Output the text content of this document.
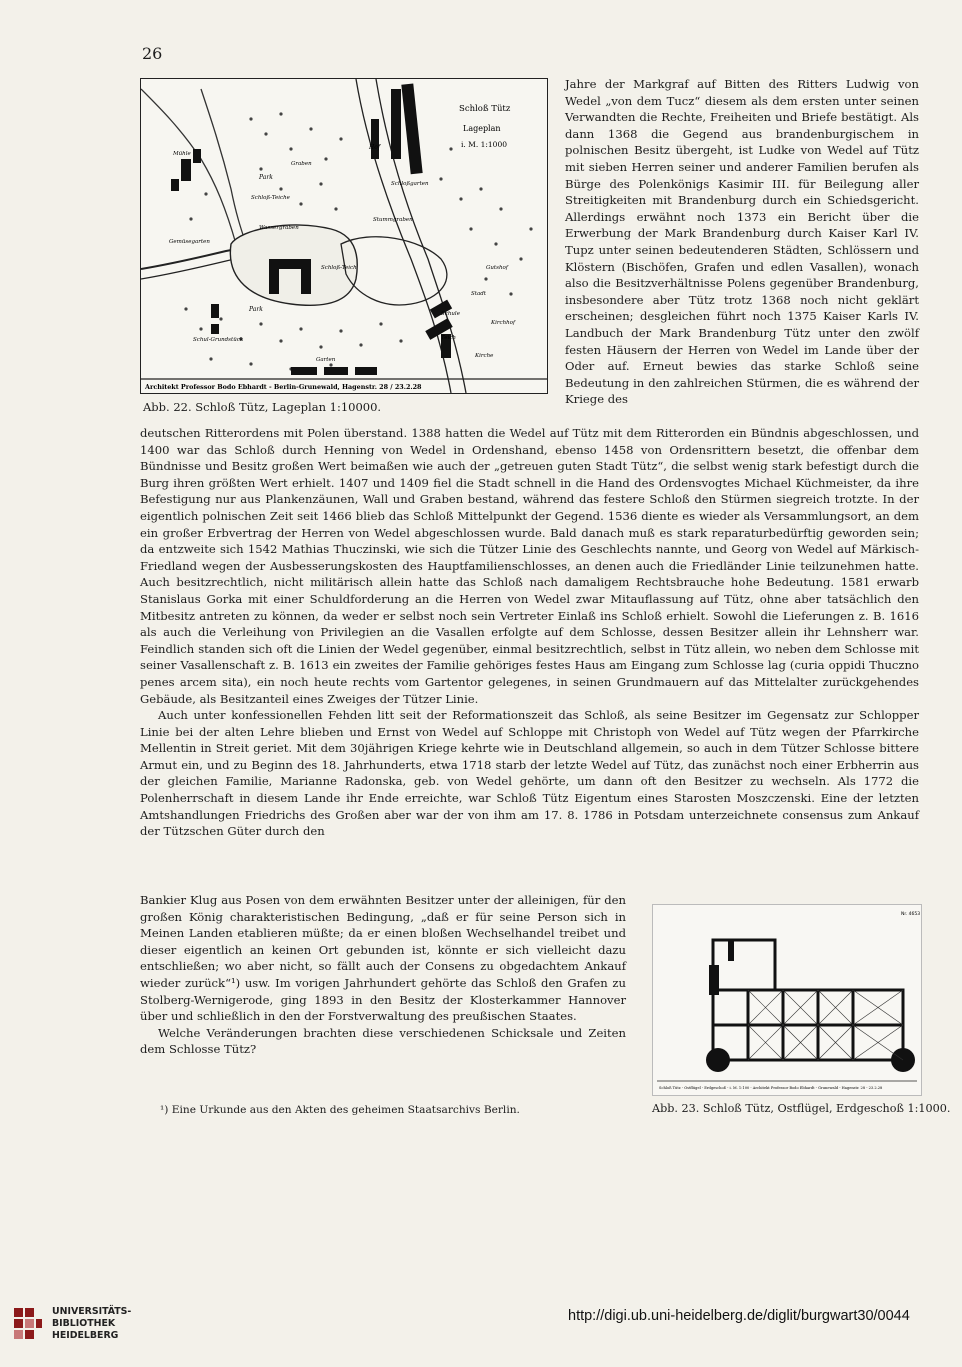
26
Schloß Tütz
Lageplan
i. M. 1:1000
Park
Hof
Schloß-Teich
Stummgraben
Schule
Teich
Park
Gemüsegarten
Stadt
Kirche
Graben
Mühle
Schloß-Teiche
Wassergraben
Gutshof
Garten
Schloßgarten
Kirchhof
Schul-Grundstück
Architekt Professor Bodo Ebhardt - Berlin-Grunewald, Hagenstr. 28 / 23.2.28
Abb. 22. Schloß Tütz, Lageplan 1:10000.

Jahre der Markgraf auf Bitten des Ritters Ludwig von Wedel „von dem Tucz“ diesem als dem ersten unter seinen Verwandten die Rechte, Freiheiten und Briefe bestätigt. Als dann 1368 die Gegend aus brandenburgischem in polnischen Besitz übergeht, ist Ludke von Wedel auf Tütz mit sieben Herren seiner und anderer Familien berufen als Bürge des Polenkönigs Kasimir III. für Beilegung aller Streitigkeiten mit Brandenburg durch ein Schiedsgericht. Allerdings erwähnt noch 1373 ein Bericht über die Erwerbung der Mark Brandenburg durch Kaiser Karl IV. Tupz unter seinen bedeutenderen Städten, Schlössern und Klöstern (Bischöfen, Grafen und edlen Vasallen), wonach also die Besitzverhältnisse Polens gegenüber Brandenburg, insbesondere aber Tütz trotz 1368 noch nicht geklärt erscheinen; desgleichen führt noch 1375 Kaiser Karls IV. Landbuch der Mark Brandenburg Tütz unter den zwölf festen Häusern der Herren von Wedel im Lande über der Oder auf. Erneut bewies das starke Schloß seine Bedeutung in den zahlreichen Stürmen, die es während der Kriege des

deutschen Ritterordens mit Polen überstand. 1388 hatten die Wedel auf Tütz mit dem Ritterorden ein Bündnis abgeschlossen, und 1400 war das Schloß durch Henning von Wedel in Ordenshand, ebenso 1458 von Ordensrittern besetzt, die offenbar dem Bündnisse und Besitz großen Wert beimaßen wie auch der „getreuen guten Stadt Tütz“, die selbst wenig stark befestigt durch die Burg ihren größten Wert erhielt. 1407 und 1409 fiel die Stadt schnell in die Hand des Ordensvogtes Michael Küchmeister, da ihre Befestigung nur aus Plankenzäunen, Wall und Graben bestand, während das festere Schloß den Stürmen siegreich trotzte. In der eigentlich polnischen Zeit seit 1466 blieb das Schloß Mittelpunkt der Gegend. 1536 diente es wieder als Versammlungsort, an dem ein großer Erbvertrag der Herren von Wedel abgeschlossen wurde. Bald danach muß es stark reparaturbedürftig geworden sein; da entzweite sich 1542 Mathias Thuczinski, wie sich die Tützer Linie des Geschlechts nannte, und Georg von Wedel auf Märkisch-Friedland wegen der Ausbesserungskosten des Hauptfamilienschlosses, an denen auch die Friedländer Linie teilzunehmen hatte. Auch besitzrechtlich, nicht militärisch allein hatte das Schloß nach damaligem Rechtsbrauche hohe Bedeutung. 1581 erwarb Stanislaus Gorka mit einer Schuldforderung an die Herren von Wedel zwar Mitauflassung auf Tütz, ohne aber tatsächlich den Mitbesitz antreten zu können, da weder er selbst noch sein Vertreter Einlaß ins Schloß erhielt. Sowohl die Lieferungen z. B. 1616 als auch die Verleihung von Privilegien an die Vasallen erfolgte auf dem Schlosse, dessen Besitzer allein ihr Lehnsherr war. Feindlich standen sich oft die Linien der Wedel gegenüber, einmal besitzrechtlich, selbst in Tütz allein, wo neben dem Schlosse mit seiner Vasallenschaft z. B. 1613 ein zweites der Familie gehöriges festes Haus am Eingang zum Schlosse lag (curia oppidi Thuczno penes arcem sita), ein noch heute rechts vom Gartentor gelegenes, in seinen Grundmauern auf das Mittelalter zurückgehendes Gebäude, als Besitzanteil eines Zweiges der Tützer Linie.

Auch unter konfessionellen Fehden litt seit der Reformationszeit das Schloß, als seine Besitzer im Gegensatz zur Schlopper Linie bei der alten Lehre blieben und Ernst von Wedel auf Schloppe mit Christoph von Wedel auf Tütz wegen der Pfarrkirche Mellentin in Streit geriet. Mit dem 30jährigen Kriege kehrte wie in Deutschland allgemein, so auch in dem Tützer Schlosse bittere Armut ein, und zu Beginn des 18. Jahrhunderts, etwa 1718 starb der letzte Wedel auf Tütz, das zunächst noch einer Erbherrin aus der gleichen Familie, Marianne Radonska, geb. von Wedel gehörte, um dann oft den Besitzer zu wechseln. Als 1772 die Polenherrschaft in diesem Lande ihr Ende erreichte, war Schloß Tütz Eigentum eines Starosten Moszczenski. Eine der letzten Amtshandlungen Friedrichs des Großen aber war der von ihm am 17. 8. 1786 in Potsdam unterzeichnete consensus zum Ankauf der Tützschen Güter durch den

Bankier Klug aus Posen von dem erwähnten Besitzer unter der alleinigen, für den großen König charakteristischen Bedingung, „daß er für seine Person sich in Meinen Landen etablieren müßte; da er einen bloßen Wechselhandel treibet und dieser eigentlich an keinen Ort gebunden ist, könnte er sich vielleicht dazu entschließen; wo aber nicht, so fällt auch der Consens zu obgedachtem Ankauf wieder zurück“¹) usw. Im vorigen Jahrhundert gehörte das Schloß den Grafen zu Stolberg-Wernigerode, ging 1893 in den Besitz der Klosterkammer Hannover über und schließlich in den der Forstverwaltung des preußischen Staates.

Welche Veränderungen brachten diese verschiedenen Schicksale und Zeiten dem Schlosse Tütz?

Nr. 4653
Schloß Tütz - Ostflügel - Erdgeschoß - i. M. 1:100 - Architekt Professor Bodo Ebhardt - Grunewald - Hagenstr. 28 - 23.2.28
Abb. 23. Schloß Tütz, Ostflügel, Erdgeschoß 1:1000.
¹) Eine Urkunde aus den Akten des geheimen Staatsarchivs Berlin.
UNIVERSITÄTS-
BIBLIOTHEK
HEIDELBERG
http://digi.ub.uni-heidelberg.de/diglit/burgwart30/0044
